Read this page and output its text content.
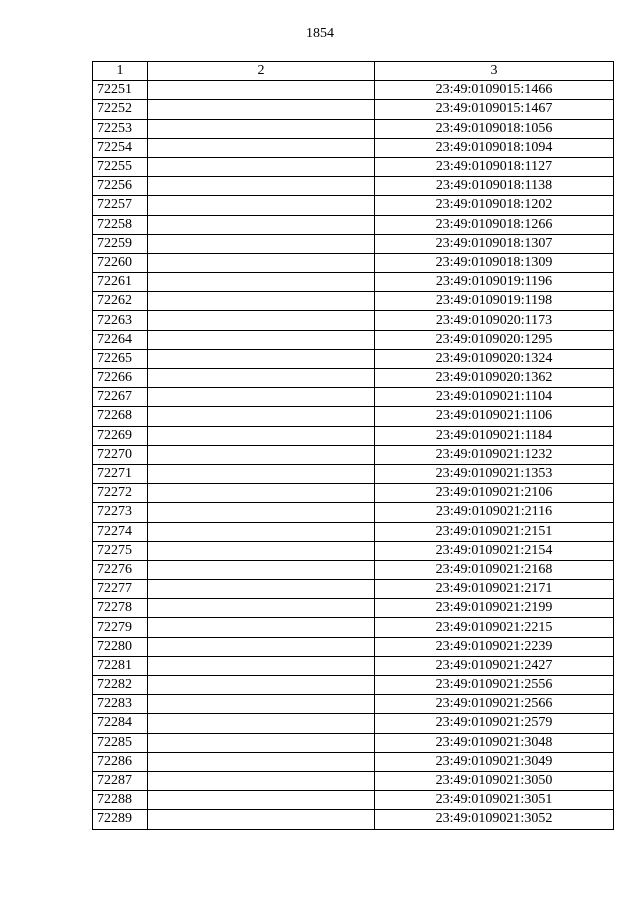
1854
1	2	3
72251		23:49:0109015:1466
72252		23:49:0109015:1467
72253		23:49:0109018:1056
72254		23:49:0109018:1094
72255		23:49:0109018:1127
72256		23:49:0109018:1138
72257		23:49:0109018:1202
72258		23:49:0109018:1266
72259		23:49:0109018:1307
72260		23:49:0109018:1309
72261		23:49:0109019:1196
72262		23:49:0109019:1198
72263		23:49:0109020:1173
72264		23:49:0109020:1295
72265		23:49:0109020:1324
72266		23:49:0109020:1362
72267		23:49:0109021:1104
72268		23:49:0109021:1106
72269		23:49:0109021:1184
72270		23:49:0109021:1232
72271		23:49:0109021:1353
72272		23:49:0109021:2106
72273		23:49:0109021:2116
72274		23:49:0109021:2151
72275		23:49:0109021:2154
72276		23:49:0109021:2168
72277		23:49:0109021:2171
72278		23:49:0109021:2199
72279		23:49:0109021:2215
72280		23:49:0109021:2239
72281		23:49:0109021:2427
72282		23:49:0109021:2556
72283		23:49:0109021:2566
72284		23:49:0109021:2579
72285		23:49:0109021:3048
72286		23:49:0109021:3049
72287		23:49:0109021:3050
72288		23:49:0109021:3051
72289		23:49:0109021:3052
